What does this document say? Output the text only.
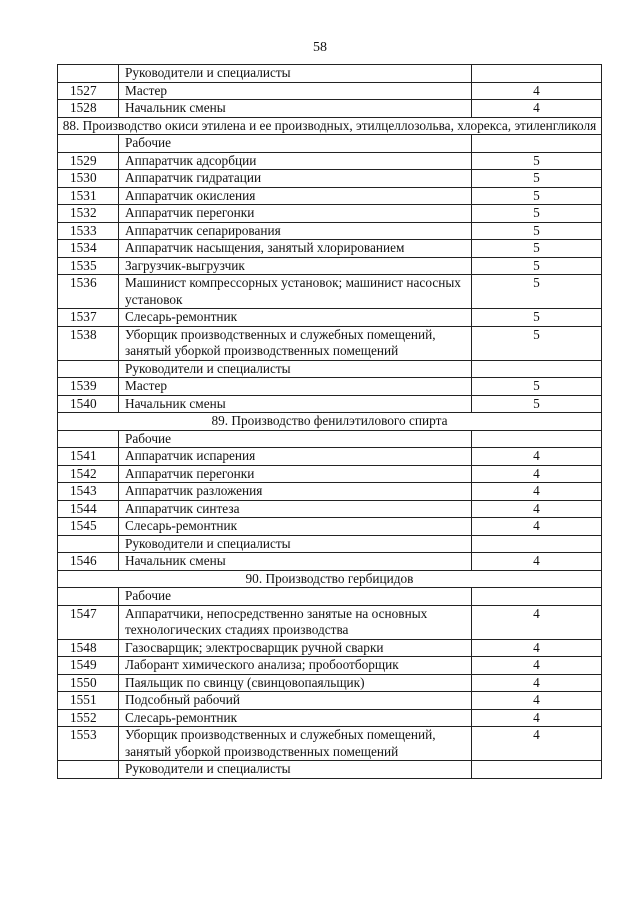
58
	Руководители и специалисты	
1527	Мастер	4
1528	Начальник смены	4
88. Производство окиси этилена и ее производных, этилцеллозольва, хлорекса, этиленгликоля		
	Рабочие	
1529	Аппаратчик адсорбции	5
1530	Аппаратчик гидратации	5
1531	Аппаратчик окисления	5
1532	Аппаратчик перегонки	5
1533	Аппаратчик сепарирования	5
1534	Аппаратчик насыщения, занятый хлорированием	5
1535	Загрузчик-выгрузчик	5
1536	Машинист компрессорных установок; машинист насосных установок	5
1537	Слесарь-ремонтник	5
1538	Уборщик производственных и служебных помещений, занятый уборкой производственных помещений	5
	Руководители и специалисты	
1539	Мастер	5
1540	Начальник смены	5
89. Производство фенилэтилового спирта		
	Рабочие	
1541	Аппаратчик испарения	4
1542	Аппаратчик перегонки	4
1543	Аппаратчик разложения	4
1544	Аппаратчик синтеза	4
1545	Слесарь-ремонтник	4
	Руководители и специалисты	
1546	Начальник смены	4
90. Производство гербицидов		
	Рабочие	
1547	Аппаратчики, непосредственно занятые на основных технологических стадиях производства	4
1548	Газосварщик; электросварщик ручной сварки	4
1549	Лаборант химического анализа; пробоотборщик	4
1550	Паяльщик по свинцу (свинцовопаяльщик)	4
1551	Подсобный рабочий	4
1552	Слесарь-ремонтник	4
1553	Уборщик производственных и служебных помещений, занятый уборкой производственных помещений	4
	Руководители и специалисты	
